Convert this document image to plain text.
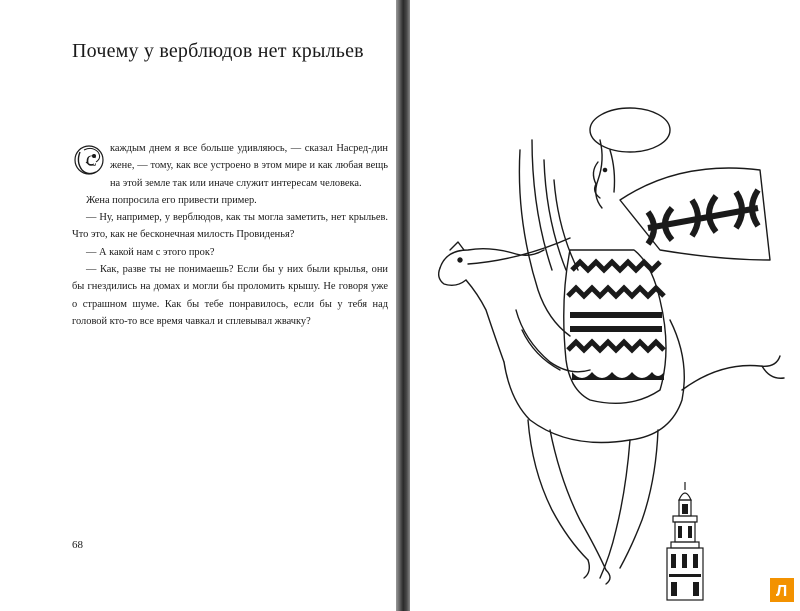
Почему у верблюдов нет крыльев

С
каждым днем я все больше удивляюсь, — сказал Насред-дин жене, — тому, как все устроено в этом мире и как любая вещь на этой земле так или иначе служит интересам человека.

Жена попросила его привести пример.

— Ну, например, у верблюдов, как ты могла заметить, нет крыльев. Что это, как не бесконечная милость Провиденья?

— А какой нам с этого прок?

— Как, разве ты не понимаешь? Если бы у них были крылья, они бы гнездились на домах и могли бы проломить крышу. Не говоря уже о страшном шуме. Как бы тебе понравилось, если бы у тебя над головой кто-то все время чавкал и сплевывал жвачку?

68
Л
